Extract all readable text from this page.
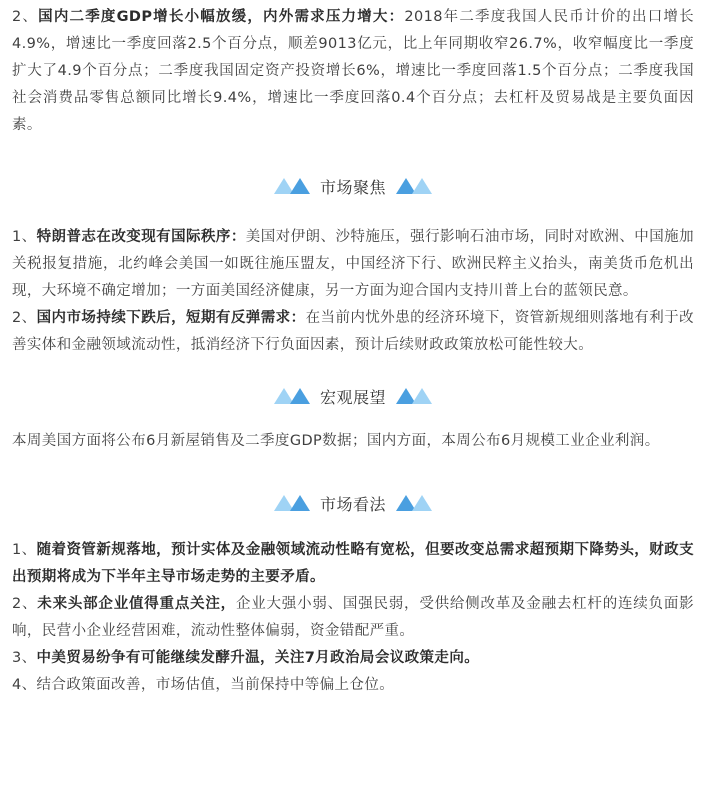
2、国内二季度GDP增长小幅放缓，内外需求压力增大：2018年二季度我国人民币计价的出口增长4.9%，增速比一季度回落2.5个百分点，顺差9013亿元，比上年同期收窄26.7%，收窄幅度比一季度扩大了4.9个百分点；二季度我国固定资产投资增长6%，增速比一季度回落1.5个百分点；二季度我国社会消费品零售总额同比增长9.4%，增速比一季度回落0.4个百分点；去杠杆及贸易战是主要负面因素。

市场聚焦

1、特朗普志在改变现有国际秩序：美国对伊朗、沙特施压，强行影响石油市场，同时对欧洲、中国施加关税报复措施，北约峰会美国一如既往施压盟友，中国经济下行、欧洲民粹主义抬头，南美货币危机出现，大环境不确定增加；一方面美国经济健康，另一方面为迎合国内支持川普上台的蓝领民意。

2、国内市场持续下跌后，短期有反弹需求：在当前内忧外患的经济环境下，资管新规细则落地有利于改善实体和金融领域流动性，抵消经济下行负面因素，预计后续财政政策放松可能性较大。

宏观展望

本周美国方面将公布6月新屋销售及二季度GDP数据；国内方面，本周公布6月规模工业企业利润。

市场看法

1、随着资管新规落地，预计实体及金融领域流动性略有宽松，但要改变总需求超预期下降势头，财政支出预期将成为下半年主导市场走势的主要矛盾。

2、未来头部企业值得重点关注，企业大强小弱、国强民弱，受供给侧改革及金融去杠杆的连续负面影响，民营小企业经营困难，流动性整体偏弱，资金错配严重。

3、中美贸易纷争有可能继续发酵升温，关注7月政治局会议政策走向。

4、结合政策面改善，市场估值，当前保持中等偏上仓位。
